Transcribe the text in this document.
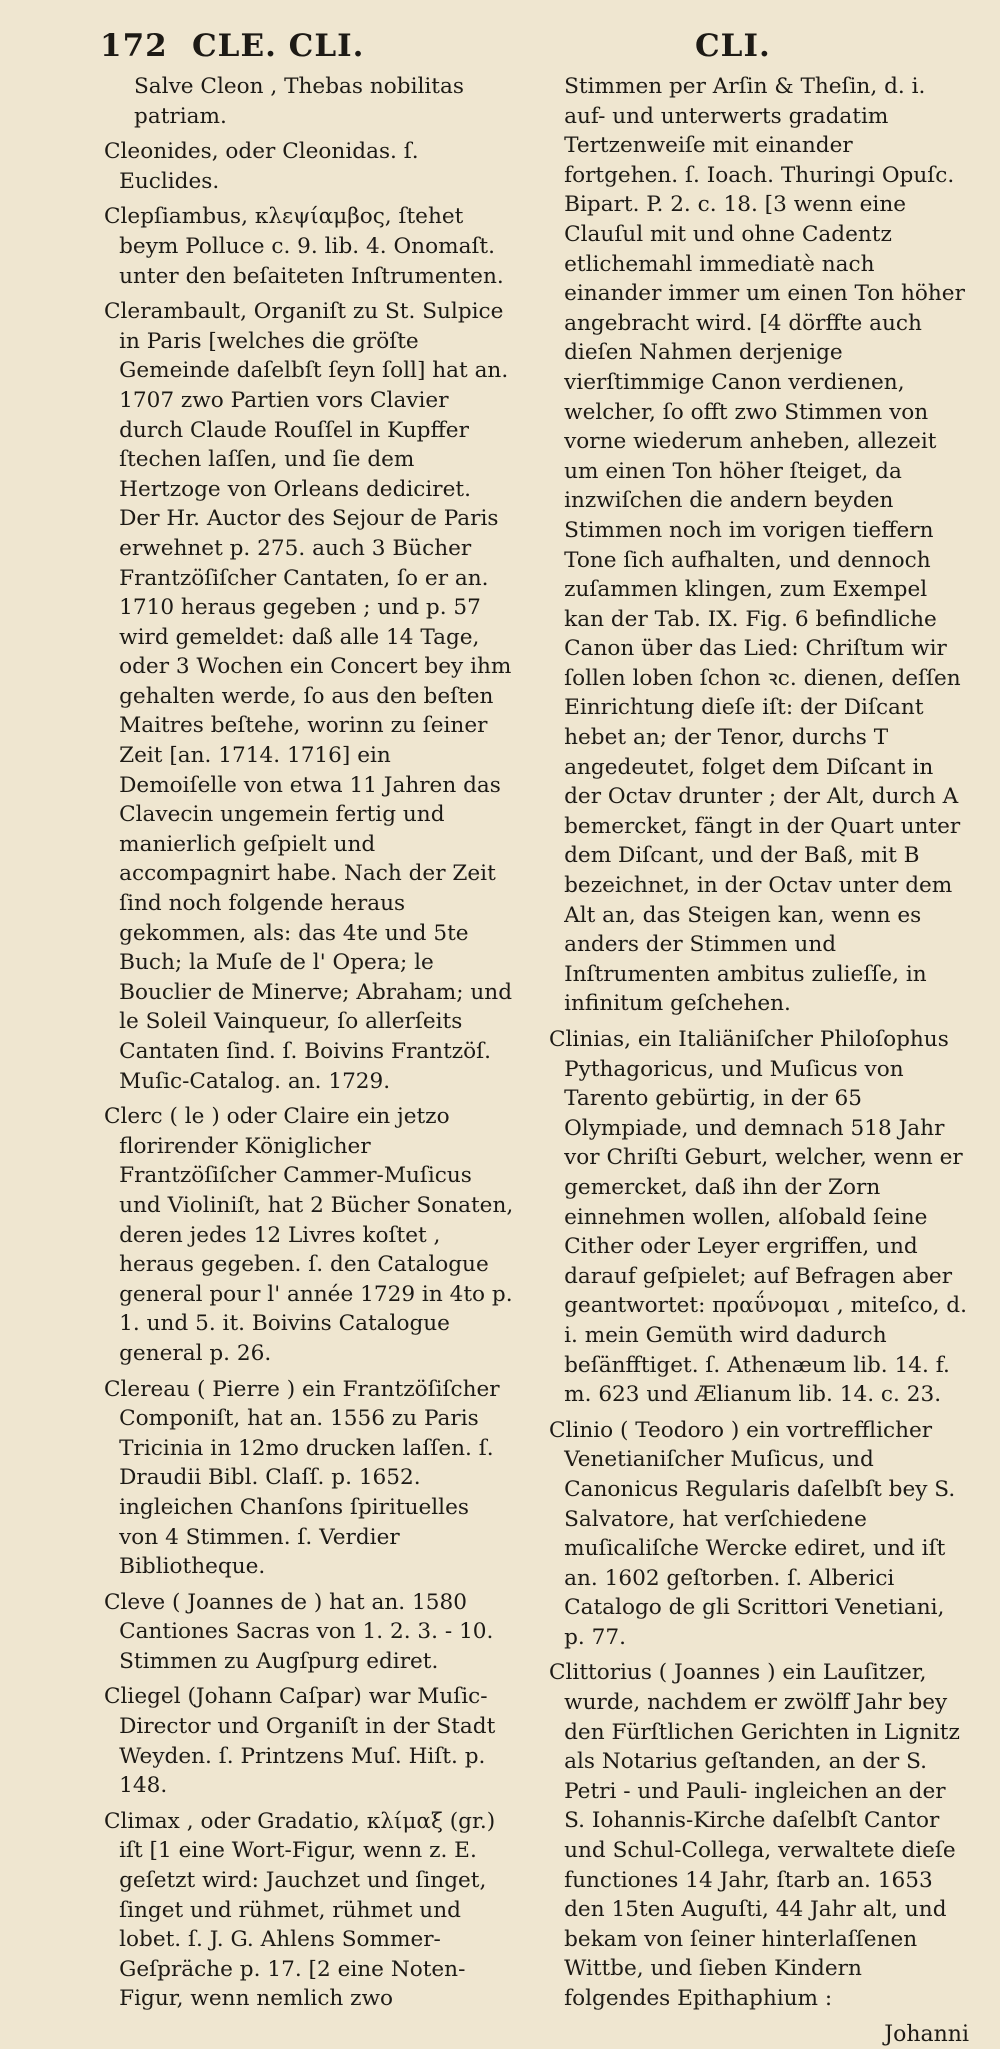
172 CLE. CLI.	CLI.

Salve Cleon , Thebas nobilitas patriam.

Cleonides, oder Cleonidas. ſ. Euclides.

Clepſiambus, κλεψίαμβος, ſtehet beym Polluce c. 9. lib. 4. Onomaſt. unter den beſaiteten Inſtrumenten.

Clerambault, Organiſt zu St. Sulpice in Paris [welches die gröſte Gemeinde daſelbſt ſeyn ſoll] hat an. 1707 zwo Partien vors Clavier durch Claude Rouſſel in Kupffer ſtechen laſſen, und ſie dem Hertzoge von Orleans dediciret. Der Hr. Auctor des Sejour de Paris erwehnet p. 275. auch 3 Bücher Frantzöſiſcher Cantaten, ſo er an. 1710 heraus gegeben ; und p. 57 wird gemeldet: daß alle 14 Tage, oder 3 Wochen ein Concert bey ihm gehalten werde, ſo aus den beſten Maitres beſtehe, worinn zu ſeiner Zeit [an. 1714. 1716] ein Demoiſelle von etwa 11 Jahren das Clavecin ungemein fertig und manierlich geſpielt und accompagnirt habe. Nach der Zeit ſind noch folgende heraus gekommen, als: das 4te und 5te Buch; la Muſe de l' Opera; le Bouclier de Minerve; Abraham; und le Soleil Vainqueur, ſo allerſeits Cantaten ſind. ſ. Boivins Frantzöſ. Muſic-Catalog. an. 1729.

Clerc ( le ) oder Claire ein jetzo florirender Königlicher Frantzöſiſcher Cammer-Muſicus und Violiniſt, hat 2 Bücher Sonaten, deren jedes 12 Livres koſtet , heraus gegeben. ſ. den Catalogue general pour l' année 1729 in 4to p. 1. und 5. it. Boivins Catalogue general p. 26.

Clereau ( Pierre ) ein Frantzöſiſcher Componiſt, hat an. 1556 zu Paris Tricinia in 12mo drucken laſſen. ſ. Draudii Bibl. Claſſ. p. 1652. ingleichen Chanſons ſpirituelles von 4 Stimmen. ſ. Verdier Bibliotheque.

Cleve ( Joannes de ) hat an. 1580 Cantiones Sacras von 1. 2. 3. - 10. Stimmen zu Augſpurg ediret.

Cliegel (Johann Caſpar) war Muſic-Director und Organiſt in der Stadt Weyden. ſ. Printzens Muſ. Hiſt. p. 148.

Climax , oder Gradatio, κλίμαξ (gr.) iſt [1 eine Wort-Figur, wenn z. E. geſetzt wird: Jauchzet und ſinget, ſinget und rühmet, rühmet und lobet. ſ. J. G. Ahlens Sommer-Geſpräche p. 17. [2 eine Noten-Figur, wenn nemlich zwo

Stimmen per Arſin & Theſin, d. i. auf- und unterwerts gradatim Tertzenweiſe mit einander fortgehen. ſ. Ioach. Thuringi Opuſc. Bipart. P. 2. c. 18. [3 wenn eine Clauſul mit und ohne Cadentz etlichemahl immediatè nach einander immer um einen Ton höher angebracht wird. [4 dörffte auch dieſen Nahmen derjenige vierſtimmige Canon verdienen, welcher, ſo offt zwo Stimmen von vorne wiederum anheben, allezeit um einen Ton höher ſteiget, da inzwiſchen die andern beyden Stimmen noch im vorigen tieffern Tone ſich aufhalten, und dennoch zuſammen klingen, zum Exempel kan der Tab. IX. Fig. 6 befindliche Canon über das Lied: Chriſtum wir ſollen loben ſchon ꝛc. dienen, deſſen Einrichtung dieſe iſt: der Diſcant hebet an; der Tenor, durchs T angedeutet, folget dem Diſcant in der Octav drunter ; der Alt, durch A bemercket, fängt in der Quart unter dem Diſcant, und der Baß, mit B bezeichnet, in der Octav unter dem Alt an, das Steigen kan, wenn es anders der Stimmen und Inſtrumenten ambitus zulieſſe, in infinitum geſchehen.

Clinias, ein Italiäniſcher Philoſophus Pythagoricus, und Muſicus von Tarento gebürtig, in der 65 Olympiade, und demnach 518 Jahr vor Chriſti Geburt, welcher, wenn er gemercket, daß ihn der Zorn einnehmen wollen, alſobald ſeine Cither oder Leyer ergriffen, und darauf geſpielet; auf Befragen aber geantwortet: πραΰνομαι , miteſco, d. i. mein Gemüth wird dadurch beſänfftiget. ſ. Athenæum lib. 14. f. m. 623 und Ælianum lib. 14. c. 23.

Clinio ( Teodoro ) ein vortrefflicher Venetianiſcher Muſicus, und Canonicus Regularis daſelbſt bey S. Salvatore, hat verſchiedene muſicaliſche Wercke ediret, und iſt an. 1602 geſtorben. ſ. Alberici Catalogo de gli Scrittori Venetiani, p. 77.

Clittorius ( Joannes ) ein Lauſitzer, wurde, nachdem er zwölff Jahr bey den Fürſtlichen Gerichten in Lignitz als Notarius geſtanden, an der S. Petri - und Pauli- ingleichen an der S. Iohannis-Kirche daſelbſt Cantor und Schul-Collega, verwaltete dieſe functiones 14 Jahr, ſtarb an. 1653 den 15ten Auguſti, 44 Jahr alt, und bekam von ſeiner hinterlaſſenen Wittbe, und ſieben Kindern folgendes Epithaphium :

Johanni
